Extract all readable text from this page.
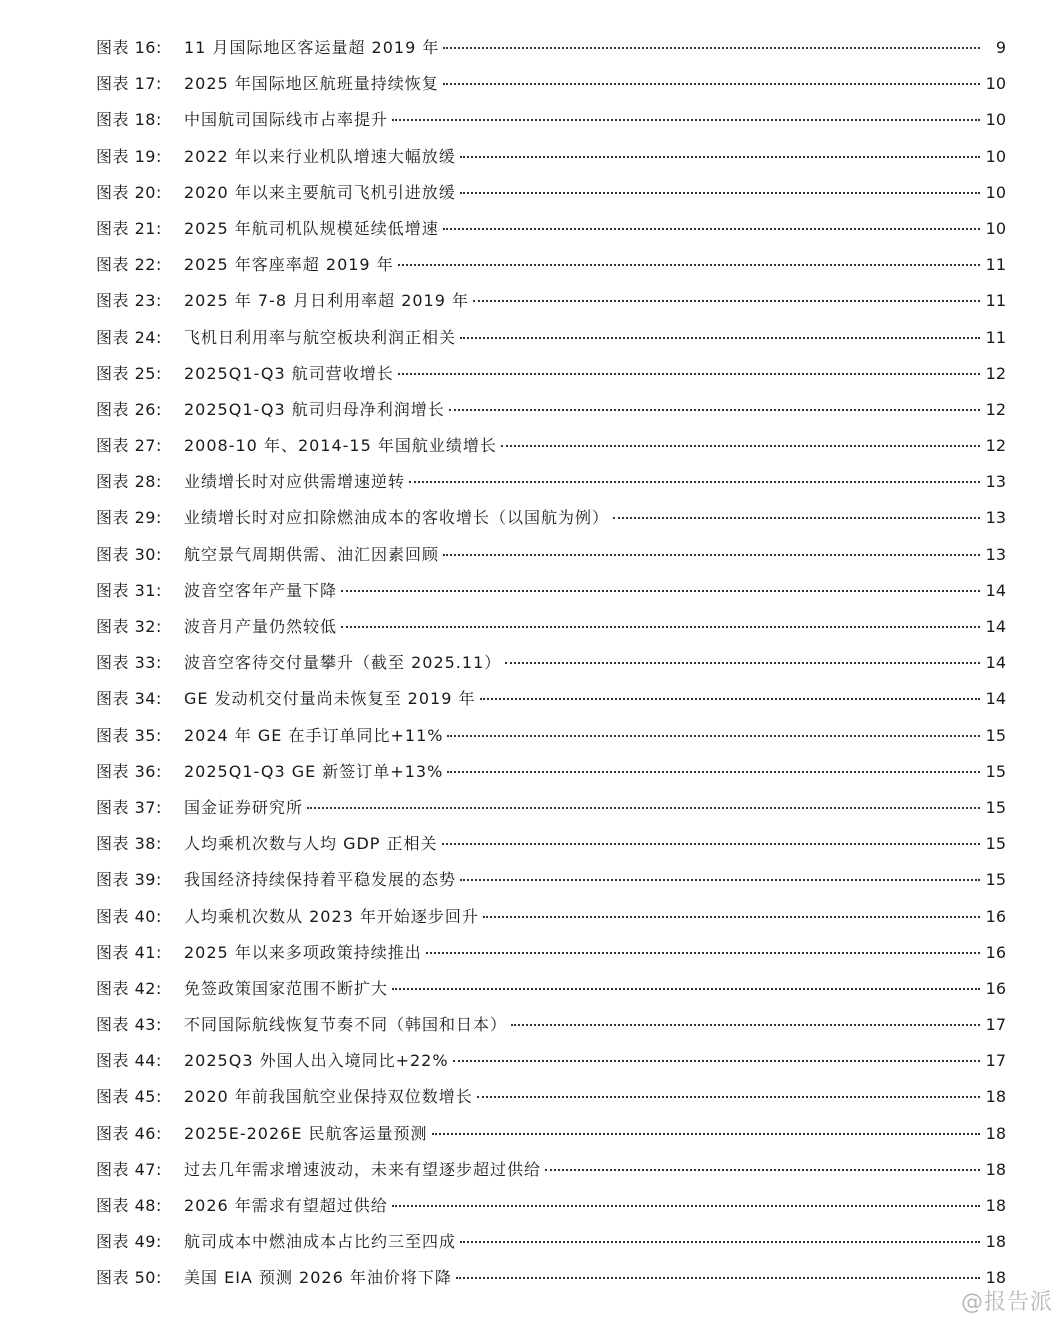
图表 16:	11 月国际地区客运量超 2019 年	9
图表 17:	2025 年国际地区航班量持续恢复	10
图表 18:	中国航司国际线市占率提升	10
图表 19:	2022 年以来行业机队增速大幅放缓	10
图表 20:	2020 年以来主要航司飞机引进放缓	10
图表 21:	2025 年航司机队规模延续低增速	10
图表 22:	2025 年客座率超 2019 年	11
图表 23:	2025 年 7-8 月日利用率超 2019 年	11
图表 24:	飞机日利用率与航空板块利润正相关	11
图表 25:	2025Q1-Q3 航司营收增长	12
图表 26:	2025Q1-Q3 航司归母净利润增长	12
图表 27:	2008-10 年、2014-15 年国航业绩增长	12
图表 28:	业绩增长时对应供需增速逆转	13
图表 29:	业绩增长时对应扣除燃油成本的客收增长（以国航为例）	13
图表 30:	航空景气周期供需、油汇因素回顾	13
图表 31:	波音空客年产量下降	14
图表 32:	波音月产量仍然较低	14
图表 33:	波音空客待交付量攀升（截至 2025.11）	14
图表 34:	GE 发动机交付量尚未恢复至 2019 年	14
图表 35:	2024 年 GE 在手订单同比+11%	15
图表 36:	2025Q1-Q3 GE 新签订单+13%	15
图表 37:	国金证券研究所	15
图表 38:	人均乘机次数与人均 GDP 正相关	15
图表 39:	我国经济持续保持着平稳发展的态势	15
图表 40:	人均乘机次数从 2023 年开始逐步回升	16
图表 41:	2025 年以来多项政策持续推出	16
图表 42:	免签政策国家范围不断扩大	16
图表 43:	不同国际航线恢复节奏不同（韩国和日本）	17
图表 44:	2025Q3 外国人出入境同比+22%	17
图表 45:	2020 年前我国航空业保持双位数增长	18
图表 46:	2025E-2026E 民航客运量预测	18
图表 47:	过去几年需求增速波动，未来有望逐步超过供给	18
图表 48:	2026 年需求有望超过供给	18
图表 49:	航司成本中燃油成本占比约三至四成	18
图表 50:	美国 EIA 预测 2026 年油价将下降	18
@报告派
